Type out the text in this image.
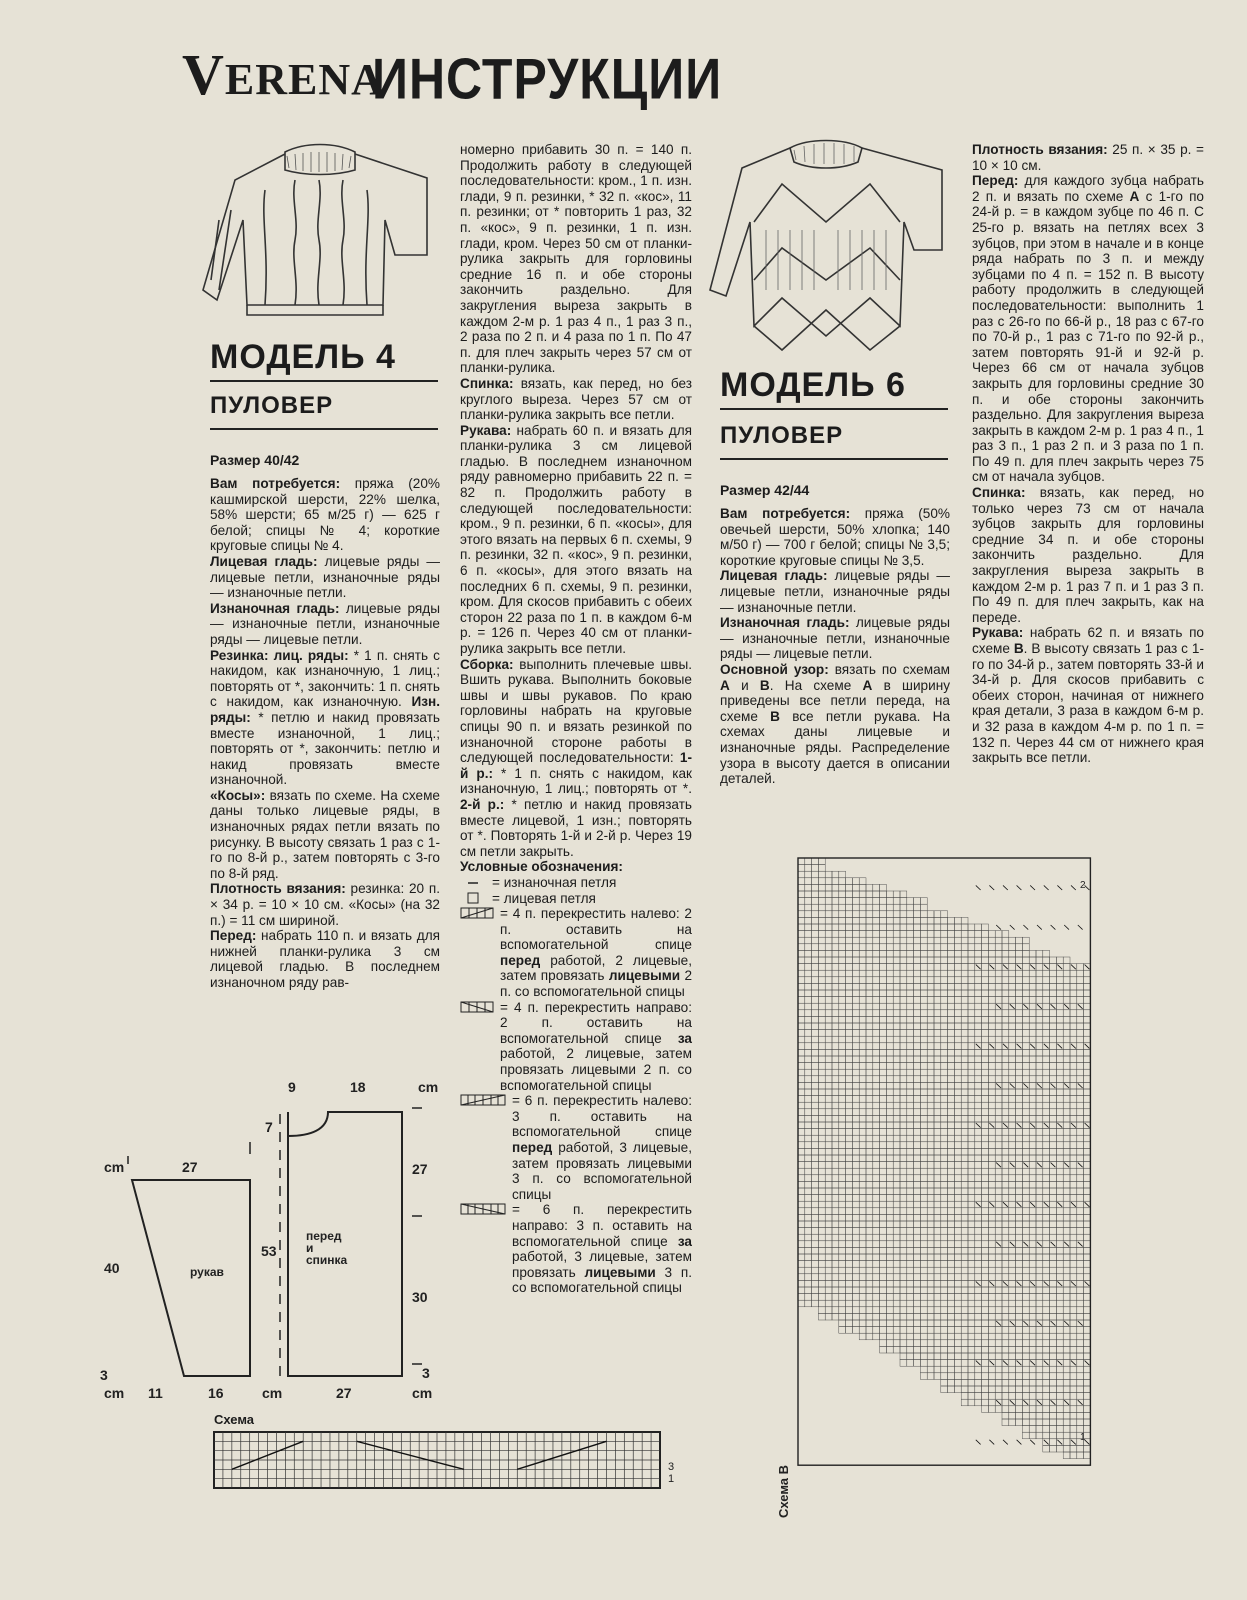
VERENA
ИНСТРУКЦИИ
МОДЕЛЬ 4
ПУЛОВЕР
Размер 40/42

Вам потребуется: пряжа (20% кашмирской шерсти, 22% шелка, 58% шерсти; 65 м/25 г) — 625 г белой; спицы № 4; короткие круговые спицы № 4.

Лицевая гладь: лицевые ряды — лицевые петли, изнаночные ряды — изнаночные петли.

Изнаночная гладь: лицевые ряды — изнаночные петли, изнаночные ряды — лицевые петли.

Резинка: лиц. ряды: * 1 п. снять с накидом, как изнаночную, 1 лиц.; повторять от *, закончить: 1 п. снять с накидом, как изнаночную. Изн. ряды: * петлю и накид провязать вместе изнаночной, 1 лиц.; повторять от *, закончить: петлю и накид провязать вместе изнаночной.

«Косы»: вязать по схеме. На схеме даны только лицевые ряды, в изнаночных рядах петли вязать по рисунку. В высоту связать 1 раз с 1-го по 8-й р., затем повторять с 3-го по 8-й ряд.

Плотность вязания: резинка: 20 п. × 34 р. = 10 × 10 см. «Косы» (на 32 п.) = 11 см шириной.

Перед: набрать 110 п. и вязать для нижней планки-рулика 3 см лицевой гладью. В последнем изнаночном ряду рав-

номерно прибавить 30 п. = 140 п. Продолжить работу в следующей последовательности: кром., 1 п. изн. глади, 9 п. резинки, * 32 п. «кос», 11 п. резинки; от * повторить 1 раз, 32 п. «кос», 9 п. резинки, 1 п. изн. глади, кром. Через 50 см от планки-рулика закрыть для горловины средние 16 п. и обе стороны закончить раздельно. Для закругления выреза закрыть в каждом 2-м р. 1 раз 4 п., 1 раз 3 п., 2 раза по 2 п. и 4 раза по 1 п. По 47 п. для плеч закрыть через 57 см от планки-рулика.

Спинка: вязать, как перед, но без круглого выреза. Через 57 см от планки-рулика закрыть все петли.

Рукава: набрать 60 п. и вязать для планки-рулика 3 см лицевой гладью. В последнем изнаночном ряду равномерно прибавить 22 п. = 82 п. Продолжить работу в следующей последовательности: кром., 9 п. резинки, 6 п. «косы», для этого вязать на первых 6 п. схемы, 9 п. резинки, 32 п. «кос», 9 п. резинки, 6 п. «косы», для этого вязать на последних 6 п. схемы, 9 п. резинки, кром. Для скосов прибавить с обеих сторон 22 раза по 1 п. в каждом 6-м р. = 126 п. Через 40 см от планки-рулика закрыть все петли.

Сборка: выполнить плечевые швы. Вшить рукава. Выполнить боковые швы и швы рукавов. По краю горловины набрать на круговые спицы 90 п. и вязать резинкой по изнаночной стороне работы в следующей последовательности: 1-й р.: * 1 п. снять с накидом, как изнаночную, 1 лиц.; повторять от *. 2-й р.: * петлю и накид провязать вместе лицевой, 1 изн.; повторять от *. Повторять 1-й и 2-й р. Через 19 см петли закрыть.

Условные обозначения:

= изнаночная петля
= лицевая петля
= 4 п. перекрестить налево: 2 п. оставить на вспомогательной спице перед работой, 2 лицевые, затем провязать лицевыми 2 п. со вспомогательной спицы
= 4 п. перекрестить направо: 2 п. оставить на вспомогательной спице за работой, 2 лицевые, затем провязать лицевыми 2 п. со вспомогательной спицы
= 6 п. перекрестить налево: 3 п. оставить на вспомогательной спице перед работой, 3 лицевые, затем провязать лицевыми 3 п. со вспомогательной спицы
= 6 п. перекрестить направо: 3 п. оставить на вспомогательной спице за работой, 3 лицевые, затем провязать лицевыми 3 п. со вспомогательной спицы
9	18	cm
7
27
cm	27
40
53
30
3	3
cm 11	16	cm	27	cm
рукав
перед
и
спинка
Схема
3
1
МОДЕЛЬ 6
ПУЛОВЕР
Размер 42/44

Вам потребуется: пряжа (50% овечьей шерсти, 50% хлопка; 140 м/50 г) — 700 г белой; спицы № 3,5; короткие круговые спицы № 3,5.

Лицевая гладь: лицевые ряды — лицевые петли, изнаночные ряды — изнаночные петли.

Изнаночная гладь: лицевые ряды — изнаночные петли, изнаночные ряды — лицевые петли.

Основной узор: вязать по схемам А и В. На схеме А в ширину приведены все петли переда, на схеме В все петли рукава. На схемах даны лицевые и изнаночные ряды. Распределение узора в высоту дается в описании деталей.

Плотность вязания: 25 п. × 35 р. = 10 × 10 см.

Перед: для каждого зубца набрать 2 п. и вязать по схеме А с 1-го по 24-й р. = в каждом зубце по 46 п. С 25-го р. вязать на петлях всех 3 зубцов, при этом в начале и в конце ряда набрать по 3 п. и между зубцами по 4 п. = 152 п. В высоту работу продолжить в следующей последовательности: выполнить 1 раз с 26-го по 66-й р., 18 раз с 67-го по 70-й р., 1 раз с 71-го по 92-й р., затем повторять 91-й и 92-й р. Через 66 см от начала зубцов закрыть для горловины средние 30 п. и обе стороны закончить раздельно. Для закругления выреза закрыть в каждом 2-м р. 1 раз 4 п., 1 раз 3 п., 1 раз 2 п. и 3 раза по 1 п. По 49 п. для плеч закрыть через 75 см от начала зубцов.

Спинка: вязать, как перед, но только через 73 см от начала зубцов закрыть для горловины средние 34 п. и обе стороны закончить раздельно. Для закругления выреза закрыть в каждом 2-м р. 1 раз 7 п. и 1 раз 3 п. По 49 п. для плеч закрыть, как на переде.

Рукава: набрать 62 п. и вязать по схеме В. В высоту связать 1 раз с 1-го по 34-й р., затем повторять 33-й и 34-й р. Для скосов прибавить с обеих сторон, начиная от нижнего края детали, 3 раза в каждом 6-м р. и 32 раза в каждом 4-м р. по 1 п. = 132 п. Через 44 см от нижнего края закрыть все петли.

Схема В
1
2
